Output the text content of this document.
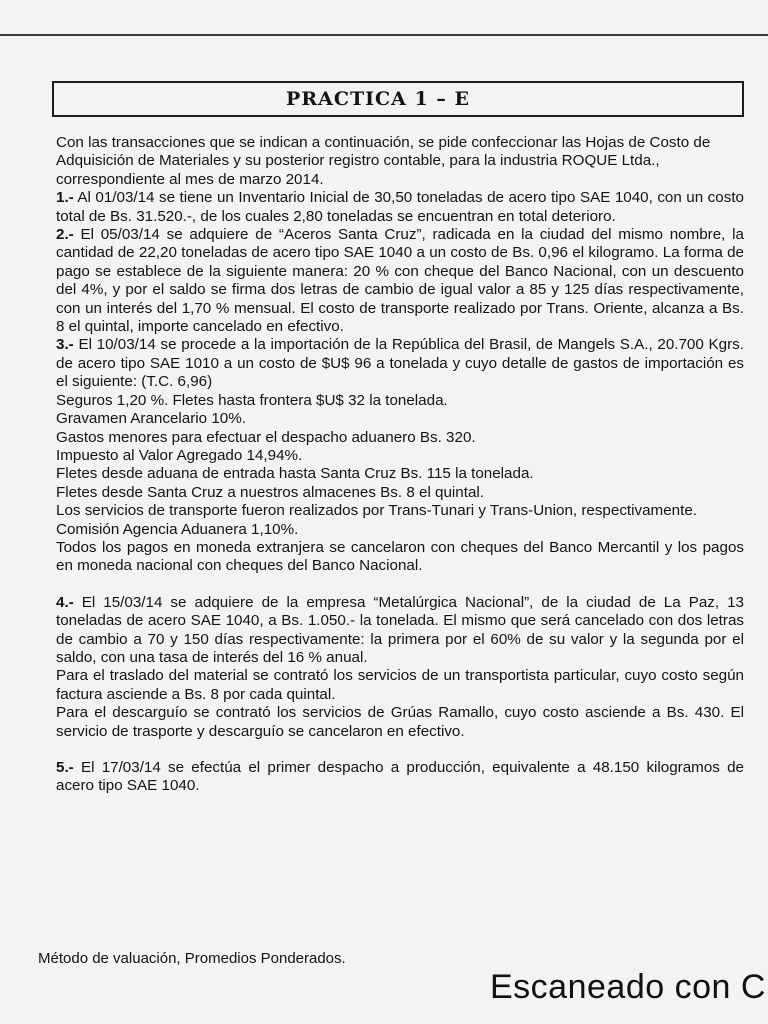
PRACTICA 1 – E

Con las transacciones que se indican a continuación, se pide confeccionar las Hojas de Costo de Adquisición de Materiales y su posterior registro contable, para la industria ROQUE Ltda., correspondiente al mes de marzo 2014.

1.- Al 01/03/14 se tiene un Inventario Inicial de 30,50 toneladas de acero tipo SAE 1040, con un costo total de Bs. 31.520.-, de los cuales 2,80 toneladas se encuentran en total deterioro.

2.- El 05/03/14 se adquiere de “Aceros Santa Cruz”, radicada en la ciudad del mismo nombre, la cantidad de 22,20 toneladas de acero tipo SAE 1040 a un costo de Bs. 0,96 el kilogramo. La forma de pago se establece de la siguiente manera: 20 % con cheque del Banco Nacional, con un descuento del 4%, y por el saldo se firma dos letras de cambio de igual valor a 85 y 125 días respectivamente, con un interés del 1,70 % mensual. El costo de transporte realizado por Trans. Oriente, alcanza a Bs. 8 el quintal, importe cancelado en efectivo.

3.- El 10/03/14 se procede a la importación de la República del Brasil, de Mangels S.A., 20.700 Kgrs. de acero tipo SAE 1010 a un costo de $U$ 96 a tonelada y cuyo detalle de gastos de importación es el siguiente: (T.C. 6,96)

Seguros 1,20 %. Fletes hasta frontera $U$ 32 la tonelada.

Gravamen Arancelario 10%.

Gastos menores para efectuar el despacho aduanero Bs. 320.

Impuesto al Valor Agregado 14,94%.

Fletes desde aduana de entrada hasta Santa Cruz Bs. 115 la tonelada.

Fletes desde Santa Cruz a nuestros almacenes Bs. 8 el quintal.

Los servicios de transporte fueron realizados por Trans-Tunari y Trans-Union, respectivamente.

Comisión Agencia Aduanera 1,10%.

Todos los pagos en moneda extranjera se cancelaron con cheques del Banco Mercantil y los pagos en moneda nacional con cheques del Banco Nacional.

4.- El 15/03/14 se adquiere de la empresa “Metalúrgica Nacional”, de la ciudad de La Paz, 13 toneladas de acero SAE 1040, a Bs. 1.050.- la tonelada. El mismo que será cancelado con dos letras de cambio a 70 y 150 días respectivamente: la primera por el 60% de su valor y la segunda por el saldo, con una tasa de interés del 16 % anual.

Para el traslado del material se contrató los servicios de un transportista particular, cuyo costo según factura asciende a Bs. 8 por cada quintal.

Para el descarguío se contrató los servicios de Grúas Ramallo, cuyo costo asciende a Bs. 430. El servicio de trasporte y descarguío se cancelaron en efectivo.

5.- El 17/03/14 se efectúa el primer despacho a producción, equivalente a 48.150 kilogramos de acero tipo SAE 1040.

Método de valuación, Promedios Ponderados.
Escaneado con C
